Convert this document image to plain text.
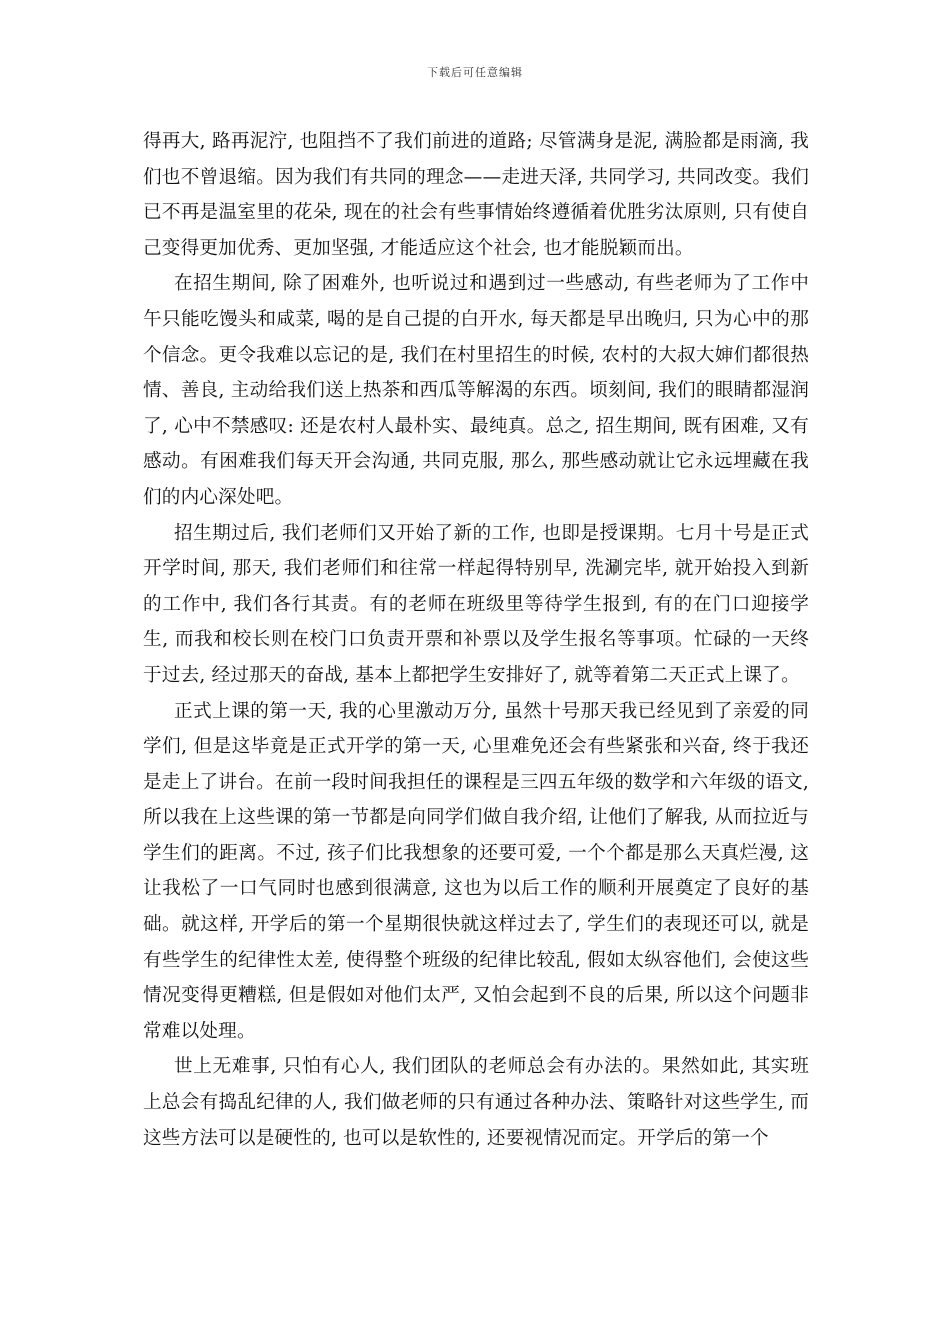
下载后可任意编辑

得再大, 路再泥泞, 也阻挡不了我们前进的道路; 尽管满身是泥, 满脸都是雨滴, 我们也不曾退缩。因为我们有共同的理念——走进天泽, 共同学习, 共同改变。我们已不再是温室里的花朵, 现在的社会有些事情始终遵循着优胜劣汰原则, 只有使自己变得更加优秀、更加坚强, 才能适应这个社会, 也才能脱颖而出。

在招生期间, 除了困难外, 也听说过和遇到过一些感动, 有些老师为了工作中午只能吃馒头和咸菜, 喝的是自己提的白开水, 每天都是早出晚归, 只为心中的那个信念。更令我难以忘记的是, 我们在村里招生的时候, 农村的大叔大婶们都很热情、善良, 主动给我们送上热茶和西瓜等解渴的东西。顷刻间, 我们的眼睛都湿润了, 心中不禁感叹: 还是农村人最朴实、最纯真。总之, 招生期间, 既有困难, 又有感动。有困难我们每天开会沟通, 共同克服, 那么, 那些感动就让它永远埋藏在我们的内心深处吧。

招生期过后, 我们老师们又开始了新的工作, 也即是授课期。七月十号是正式开学时间, 那天, 我们老师们和往常一样起得特别早, 洗涮完毕, 就开始投入到新的工作中, 我们各行其责。有的老师在班级里等待学生报到, 有的在门口迎接学生, 而我和校长则在校门口负责开票和补票以及学生报名等事项。忙碌的一天终于过去, 经过那天的奋战, 基本上都把学生安排好了, 就等着第二天正式上课了。

正式上课的第一天, 我的心里激动万分, 虽然十号那天我已经见到了亲爱的同学们, 但是这毕竟是正式开学的第一天, 心里难免还会有些紧张和兴奋, 终于我还是走上了讲台。在前一段时间我担任的课程是三四五年级的数学和六年级的语文, 所以我在上这些课的第一节都是向同学们做自我介绍, 让他们了解我, 从而拉近与学生们的距离。不过, 孩子们比我想象的还要可爱, 一个个都是那么天真烂漫, 这让我松了一口气同时也感到很满意, 这也为以后工作的顺利开展奠定了良好的基础。就这样, 开学后的第一个星期很快就这样过去了, 学生们的表现还可以, 就是有些学生的纪律性太差, 使得整个班级的纪律比较乱, 假如太纵容他们, 会使这些情况变得更糟糕, 但是假如对他们太严, 又怕会起到不良的后果, 所以这个问题非常难以处理。

世上无难事, 只怕有心人, 我们团队的老师总会有办法的。果然如此, 其实班上总会有捣乱纪律的人, 我们做老师的只有通过各种办法、策略针对这些学生, 而这些方法可以是硬性的, 也可以是软性的, 还要视情况而定。开学后的第一个
